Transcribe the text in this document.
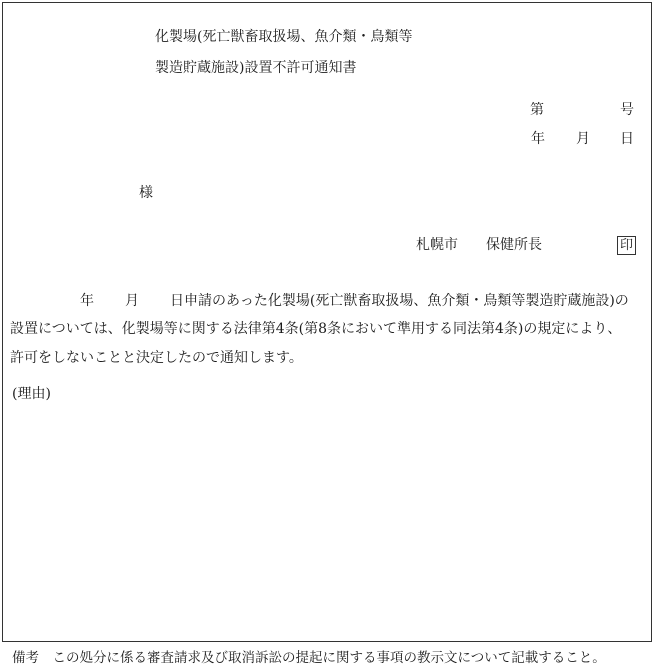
化製場(死亡獣畜取扱場、魚介類・鳥類等
製造貯蔵施設)設置不許可通知書
第	号
年 月 日
様
札幌市　　保健所長	印
年 月 日申請のあった化製場(死亡獣畜取扱場、魚介類・鳥類等製造貯蔵施設)の
設置については、化製場等に関する法律第4条(第8条において準用する同法第4条)の規定により、
許可をしないことと決定したので通知します。
(理由)
備考　この処分に係る審査請求及び取消訴訟の提起に関する事項の教示文について記載すること。
